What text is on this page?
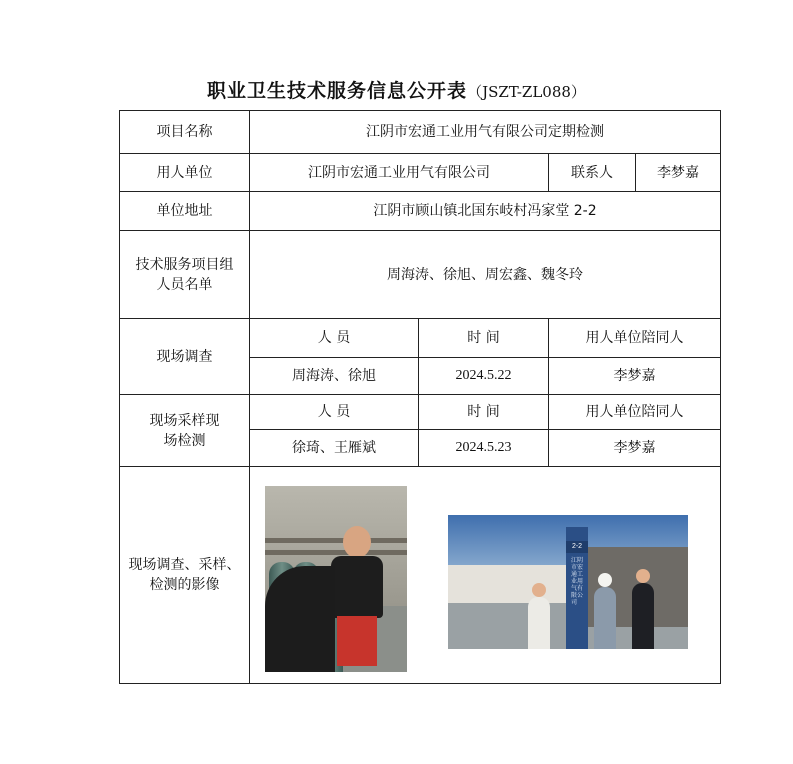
职业卫生技术服务信息公开表（JSZT-ZL088）
项目名称	江阴市宏通工业用气有限公司定期检测			
用人单位	江阴市宏通工业用气有限公司		联系人	李梦嘉
单位地址	江阴市顾山镇北国东岐村冯家堂 2-2			
技术服务项目组人员名单	周海涛、徐旭、周宏鑫、魏冬玲			
现场调查	人 员	时 间	用人单位陪同人	
	周海涛、徐旭	2024.5.22	李梦嘉	
现场采样现场检测	人 员	时 间	用人单位陪同人	
	徐琦、王雁斌	2024.5.23	李梦嘉	
现场调查、采样、检测的影像				
2-2
江阴市宏通工业用气有限公司
